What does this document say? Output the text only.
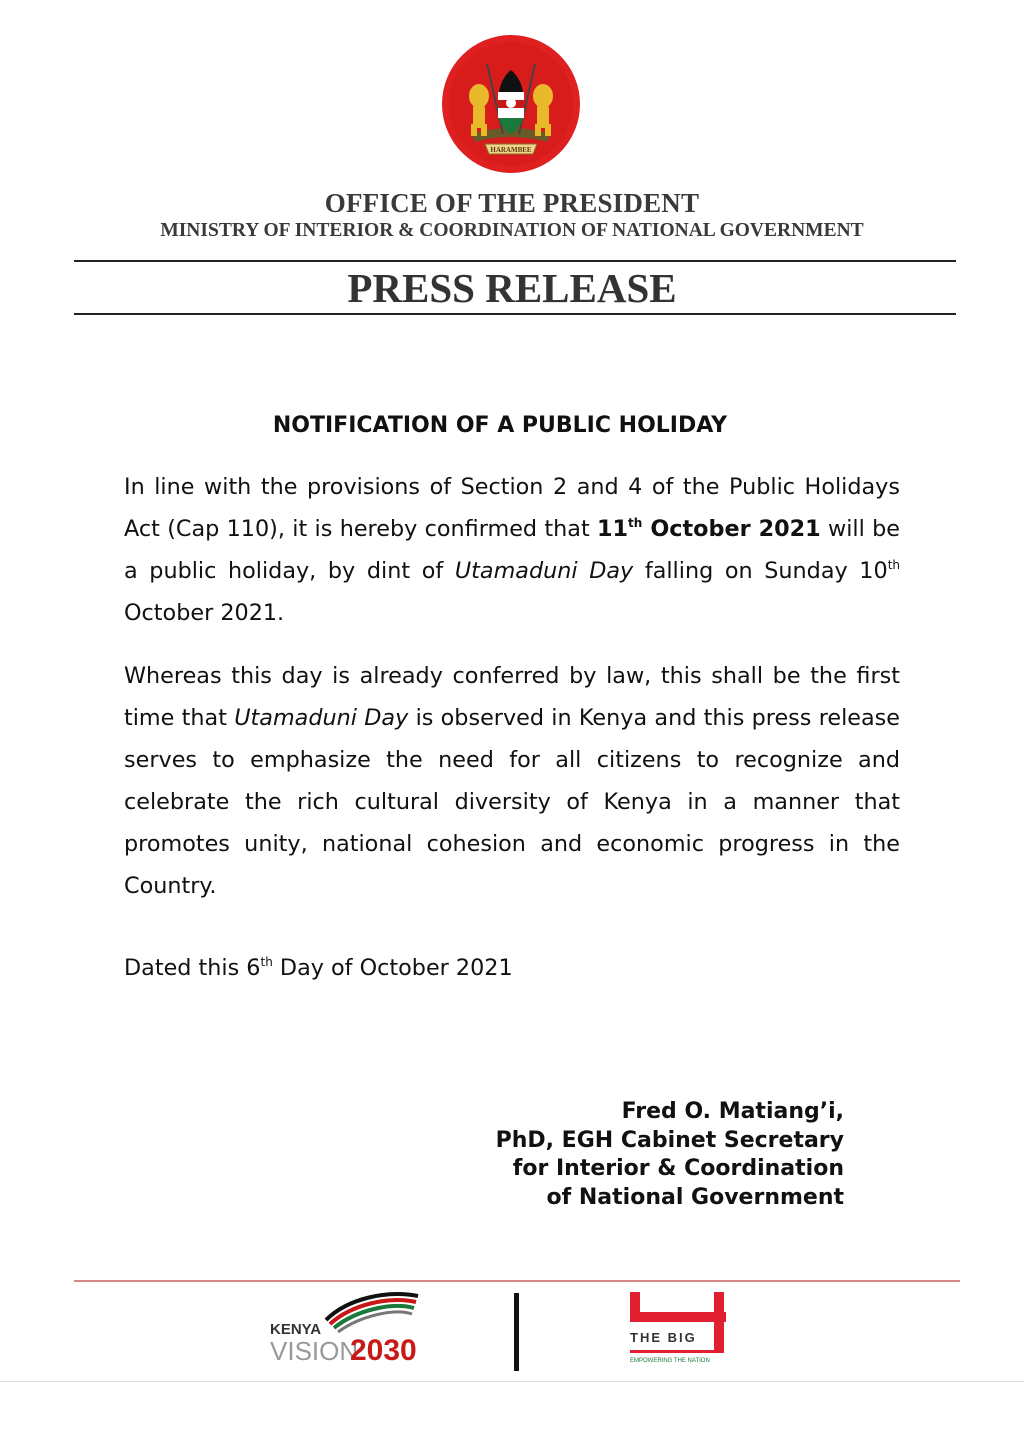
HARAMBEE
OFFICE OF THE PRESIDENT
MINISTRY OF INTERIOR & COORDINATION OF NATIONAL GOVERNMENT
PRESS RELEASE
NOTIFICATION OF A PUBLIC HOLIDAY
In line with the provisions of Section 2 and 4 of the Public Holidays Act (Cap 110), it is hereby confirmed that 11th October 2021 will be a public holiday, by dint of Utamaduni Day falling on Sunday 10th October 2021.
Whereas this day is already conferred by law, this shall be the first time that Utamaduni Day is observed in Kenya and this press release serves to emphasize the need for all citizens to recognize and celebrate the rich cultural diversity of Kenya in a manner that promotes unity, national cohesion and economic progress in the Country.
Dated this 6th Day of October 2021
Fred O. Matiang’i,
PhD, EGH Cabinet Secretary
for Interior & Coordination
of National Government
KENYA
VISION
2030	THE BIG
EMPOWERING THE NATION
